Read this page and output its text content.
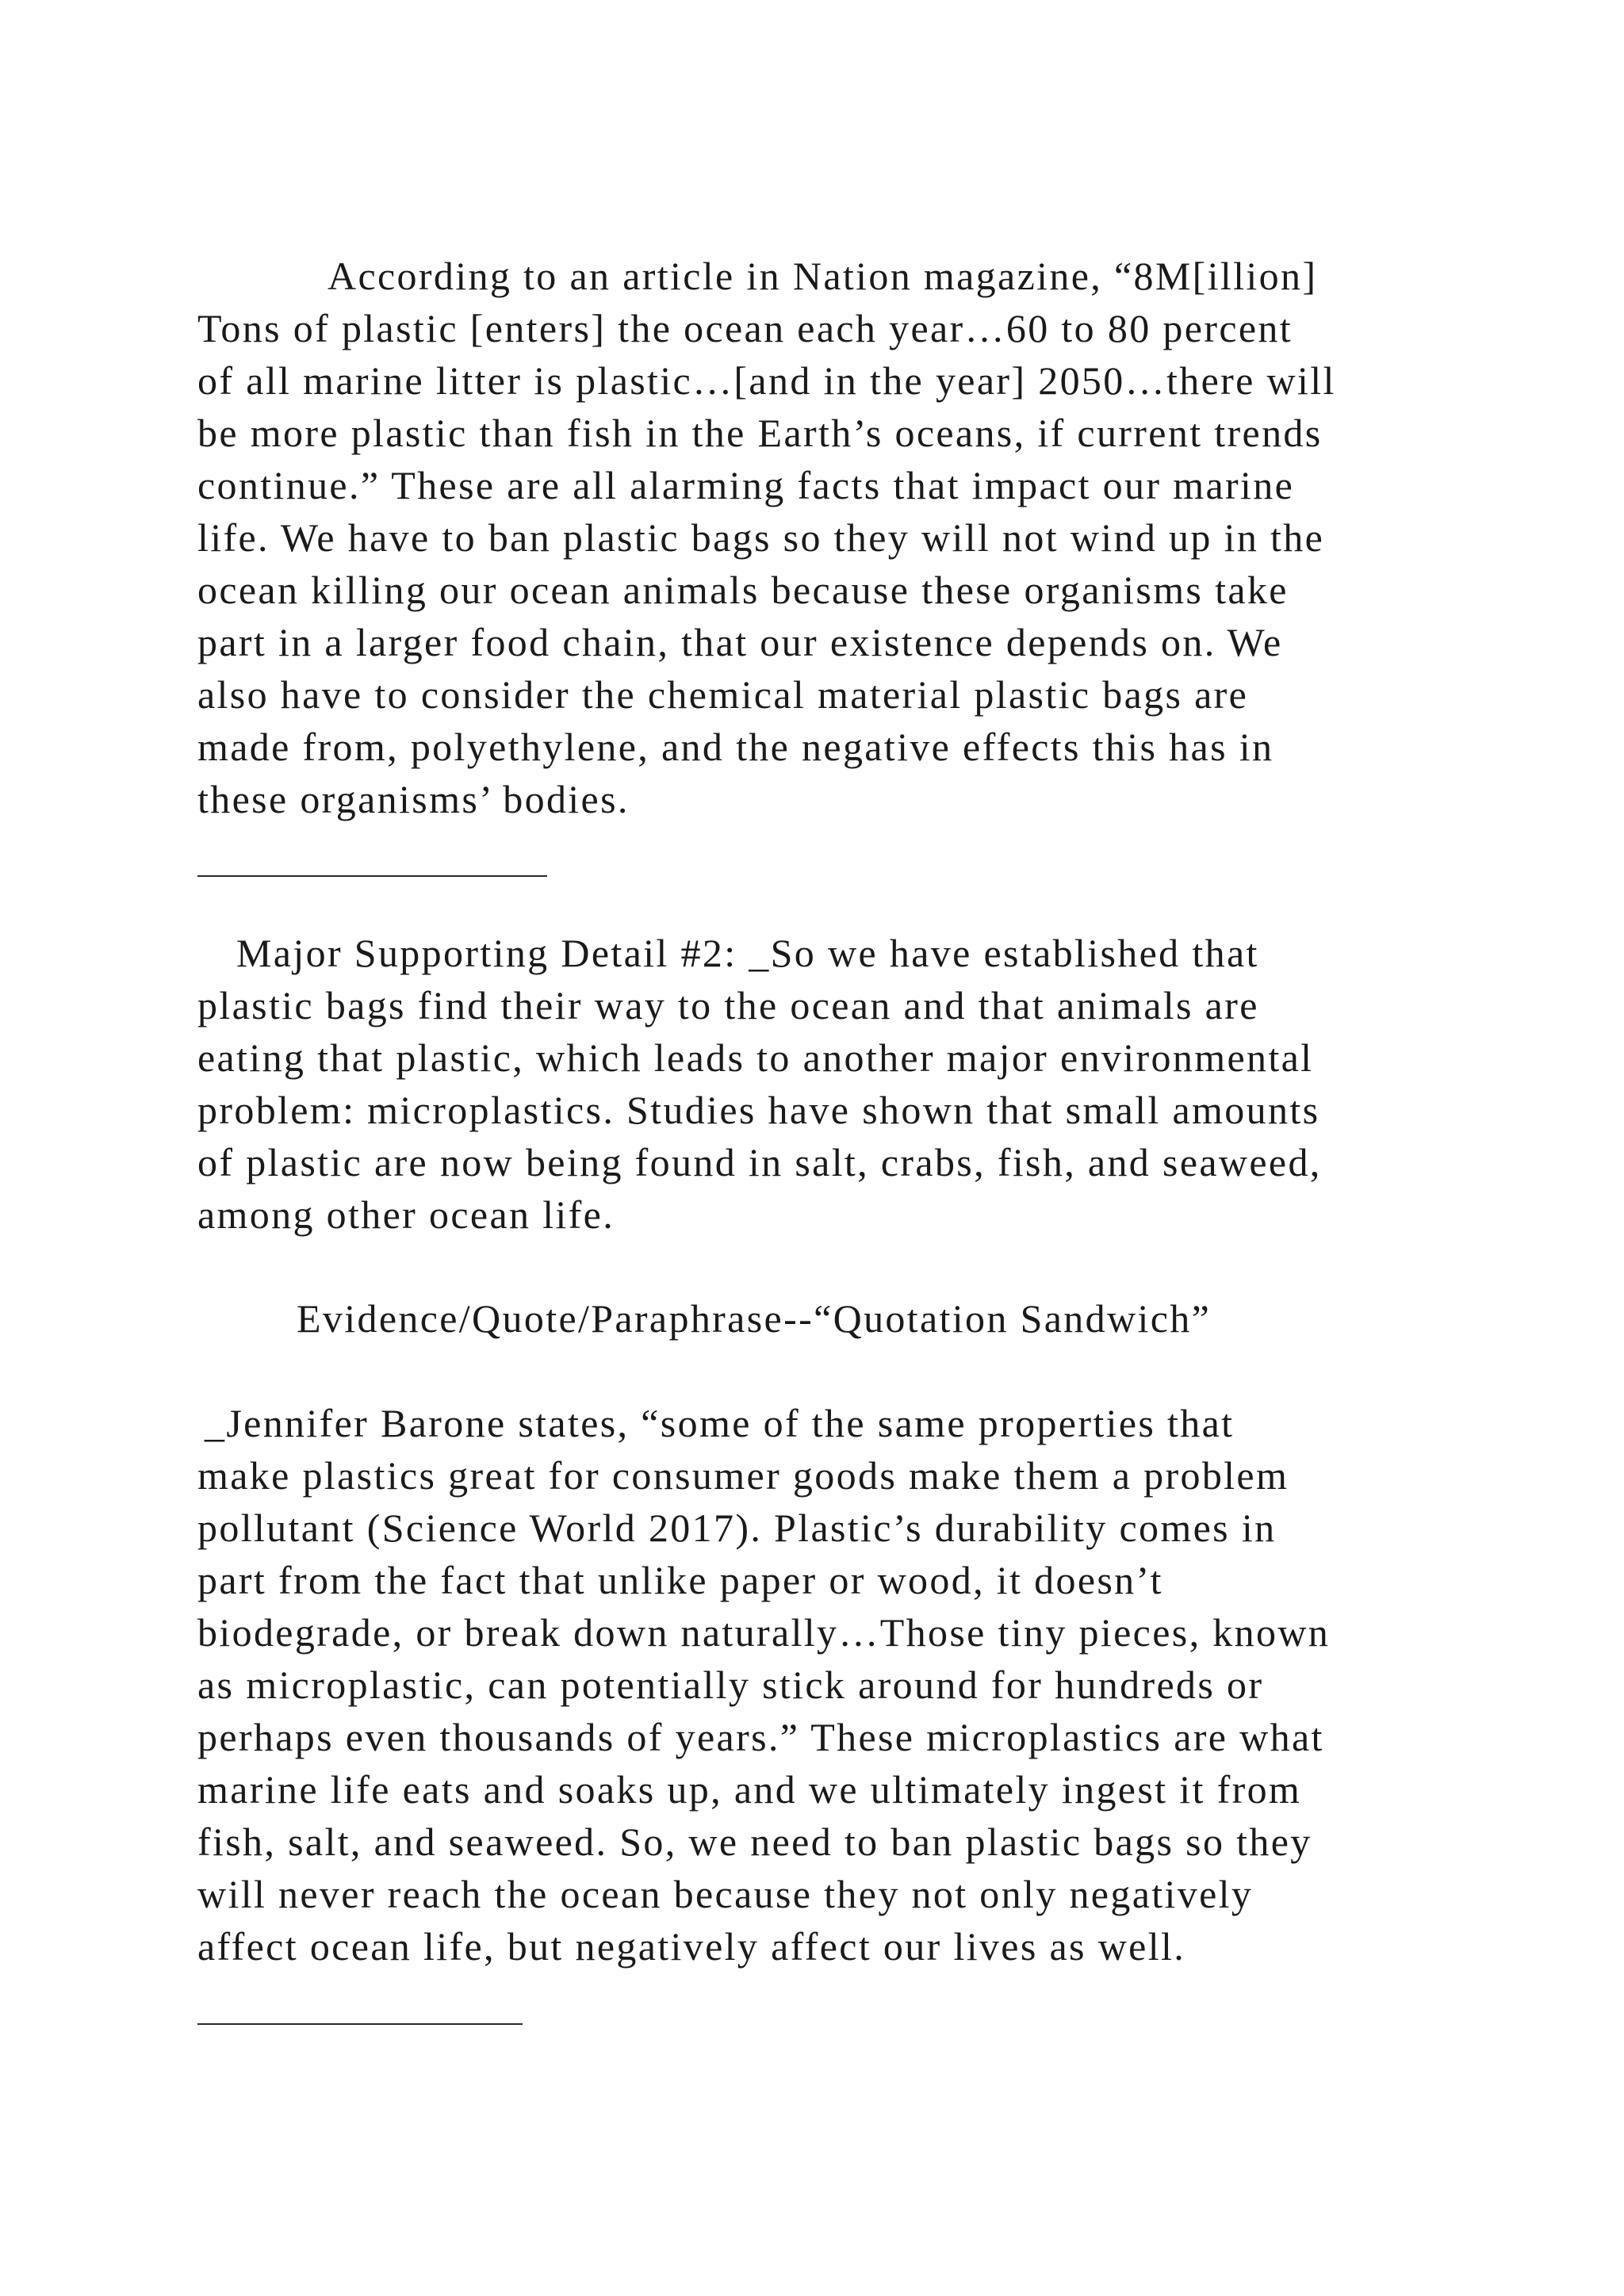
According to an article in Nation magazine, “8M[illion]

Tons of plastic [enters] the ocean each year…60 to 80 percent

of all marine litter is plastic…[and in the year] 2050…there will

be more plastic than fish in the Earth’s oceans, if current trends

continue.” These are all alarming facts that impact our marine

life. We have to ban plastic bags so they will not wind up in the

ocean killing our ocean animals because these organisms take

part in a larger food chain, that our existence depends on. We

also have to consider the chemical material plastic bags are

made from, polyethylene, and the negative effects this has in

these organisms’ bodies.

Major Supporting Detail #2: _So we have established that

plastic bags find their way to the ocean and that animals are

eating that plastic, which leads to another major environmental

problem: microplastics. Studies have shown that small amounts

of plastic are now being found in salt, crabs, fish, and seaweed,

among other ocean life.

Evidence/Quote/Paraphrase--“Quotation Sandwich”

_Jennifer Barone states, “some of the same properties that

make plastics great for consumer goods make them a problem

pollutant (Science World 2017). Plastic’s durability comes in

part from the fact that unlike paper or wood, it doesn’t

biodegrade, or break down naturally…Those tiny pieces, known

as microplastic, can potentially stick around for hundreds or

perhaps even thousands of years.” These microplastics are what

marine life eats and soaks up, and we ultimately ingest it from

fish, salt, and seaweed. So, we need to ban plastic bags so they

will never reach the ocean because they not only negatively

affect ocean life, but negatively affect our lives as well.
